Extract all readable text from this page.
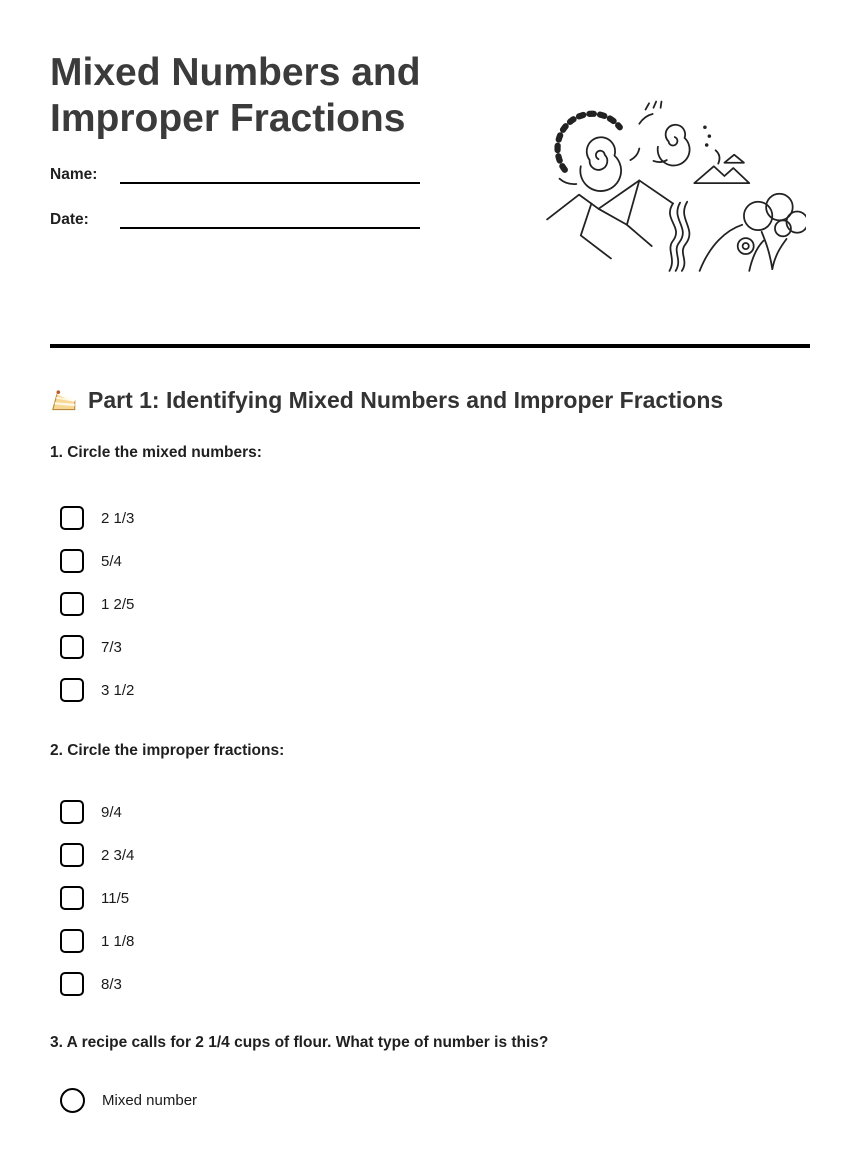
Mixed Numbers and Improper Fractions
Name:
Date:
Part 1: Identifying Mixed Numbers and Improper Fractions
1. Circle the mixed numbers:
2 1/3
5/4
1 2/5
7/3
3 1/2
2. Circle the improper fractions:
9/4
2 3/4
11/5
1 1/8
8/3
3. A recipe calls for 2 1/4 cups of flour. What type of number is this?
Mixed number
